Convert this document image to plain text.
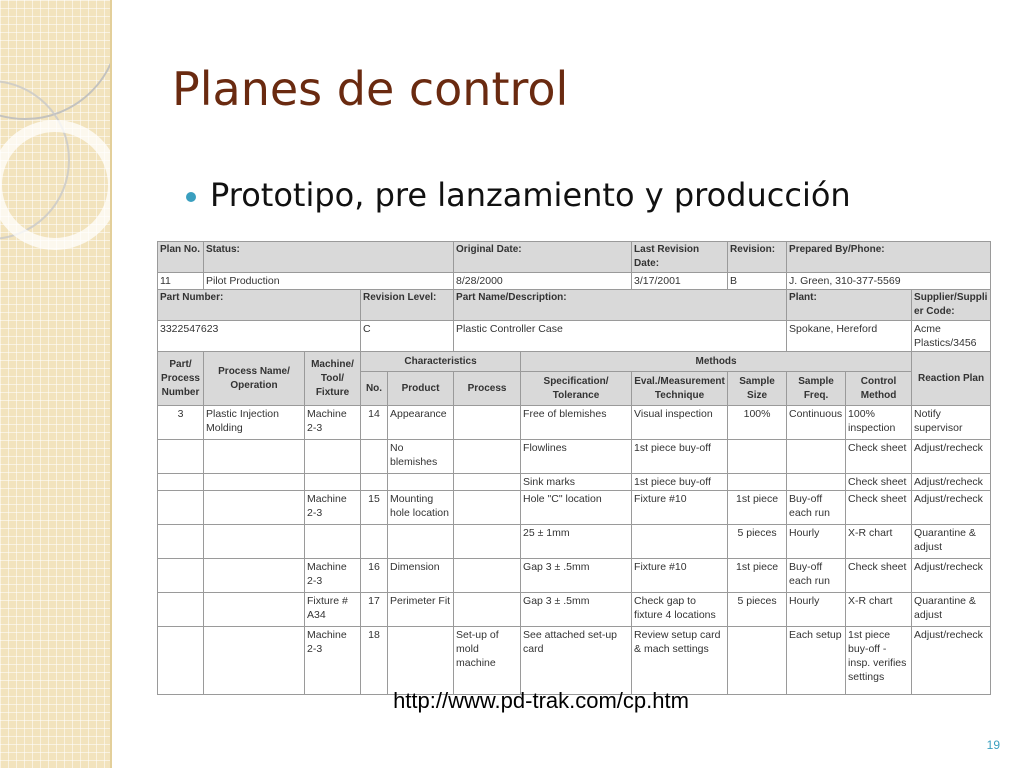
Planes de control
Prototipo, pre lanzamiento y producción
Plan No.	Status:				Original Date:		Last Revision Date:	Revision:	Prepared By/Phone:		
11	Pilot Production				8/28/2000		3/17/2001	B	J. Green, 310-377-5569		
Part Number:			Revision Level:		Part Name/Description:				Plant:		Supplier/Supplier Code:
3322547623			C		Plastic Controller Case				Spokane, Hereford		Acme Plastics/3456
Part/ Process Number	Process Name/ Operation	Machine/ Tool/ Fixture	Characteristics			Methods					Reaction Plan
			No.	Product	Process	Specification/ Tolerance	Eval./Measurement Technique	Sample Size	Sample Freq.	Control Method	
3	Plastic Injection Molding	Machine 2-3	14	Appearance		Free of blemishes	Visual inspection	100%	Continuous	100% inspection	Notify supervisor
				No blemishes		Flowlines	1st piece buy-off			Check sheet	Adjust/recheck
						Sink marks	1st piece buy-off			Check sheet	Adjust/recheck
		Machine 2-3	15	Mounting hole location		Hole "C" location	Fixture #10	1st piece	Buy-off each run	Check sheet	Adjust/recheck
						25 ± 1mm		5 pieces	Hourly	X-R chart	Quarantine & adjust
		Machine 2-3	16	Dimension		Gap 3 ± .5mm	Fixture #10	1st piece	Buy-off each run	Check sheet	Adjust/recheck
		Fixture # A34	17	Perimeter Fit		Gap 3 ± .5mm	Check gap to fixture 4 locations	5 pieces	Hourly	X-R chart	Quarantine & adjust
		Machine 2-3	18		Set-up of mold machine	See attached set-up card	Review setup card & mach settings		Each setup	1st piece buy-off - insp. verifies settings	Adjust/recheck
http://www.pd-trak.com/cp.htm
19
